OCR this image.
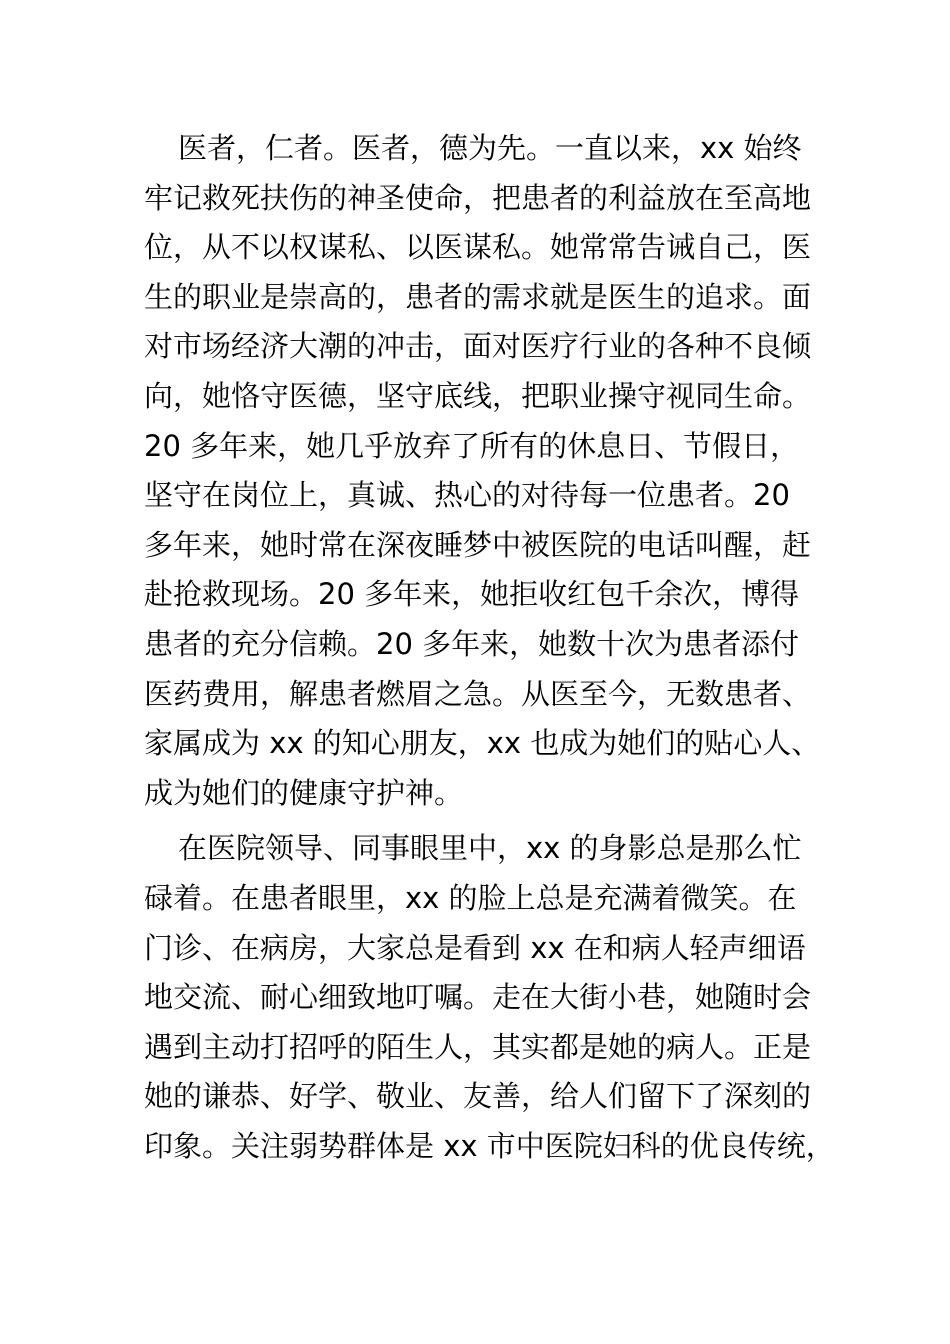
医者，仁者。医者，德为先。一直以来，xx 始终
牢记救死扶伤的神圣使命，把患者的利益放在至高地
位，从不以权谋私、以医谋私。她常常告诫自己，医
生的职业是崇高的，患者的需求就是医生的追求。面
对市场经济大潮的冲击，面对医疗行业的各种不良倾
向，她恪守医德，坚守底线，把职业操守视同生命。
20 多年来，她几乎放弃了所有的休息日、节假日，
坚守在岗位上，真诚、热心的对待每一位患者。20
多年来，她时常在深夜睡梦中被医院的电话叫醒，赶
赴抢救现场。20 多年来，她拒收红包千余次，博得
患者的充分信赖。20 多年来，她数十次为患者添付
医药费用，解患者燃眉之急。从医至今，无数患者、
家属成为 xx 的知心朋友，xx 也成为她们的贴心人、
成为她们的健康守护神。
在医院领导、同事眼里中，xx 的身影总是那么忙
碌着。在患者眼里，xx 的脸上总是充满着微笑。在
门诊、在病房，大家总是看到 xx 在和病人轻声细语
地交流、耐心细致地叮嘱。走在大街小巷，她随时会
遇到主动打招呼的陌生人，其实都是她的病人。正是
她的谦恭、好学、敬业、友善，给人们留下了深刻的
印象。关注弱势群体是 xx 市中医院妇科的优良传统，
